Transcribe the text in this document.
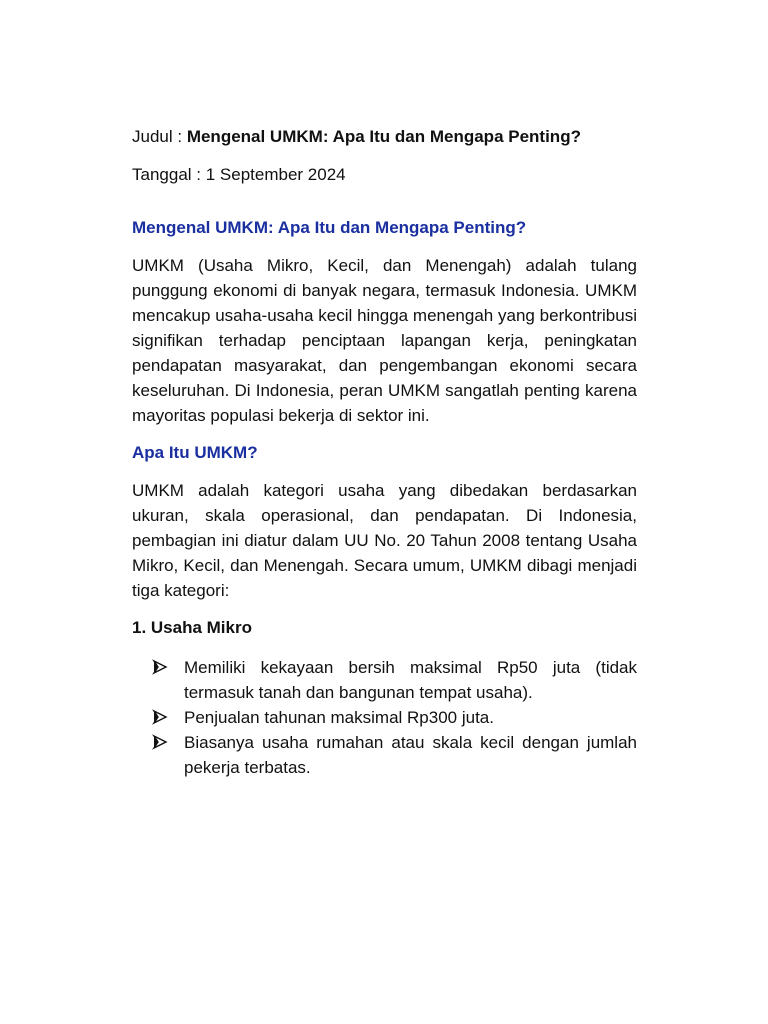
Judul : Mengenal UMKM: Apa Itu dan Mengapa Penting?

Tanggal : 1 September 2024

Mengenal UMKM: Apa Itu dan Mengapa Penting?

UMKM (Usaha Mikro, Kecil, dan Menengah) adalah tulang punggung ekonomi di banyak negara, termasuk Indonesia. UMKM mencakup usaha-usaha kecil hingga menengah yang berkontribusi signifikan terhadap penciptaan lapangan kerja, peningkatan pendapatan masyarakat, dan pengembangan ekonomi secara keseluruhan. Di Indonesia, peran UMKM sangatlah penting karena mayoritas populasi bekerja di sektor ini.

Apa Itu UMKM?

UMKM adalah kategori usaha yang dibedakan berdasarkan ukuran, skala operasional, dan pendapatan. Di Indonesia, pembagian ini diatur dalam UU No. 20 Tahun 2008 tentang Usaha Mikro, Kecil, dan Menengah. Secara umum, UMKM dibagi menjadi tiga kategori:

1. Usaha Mikro
Memiliki kekayaan bersih maksimal Rp50 juta (tidak termasuk tanah dan bangunan tempat usaha).
Penjualan tahunan maksimal Rp300 juta.
Biasanya usaha rumahan atau skala kecil dengan jumlah pekerja terbatas.
